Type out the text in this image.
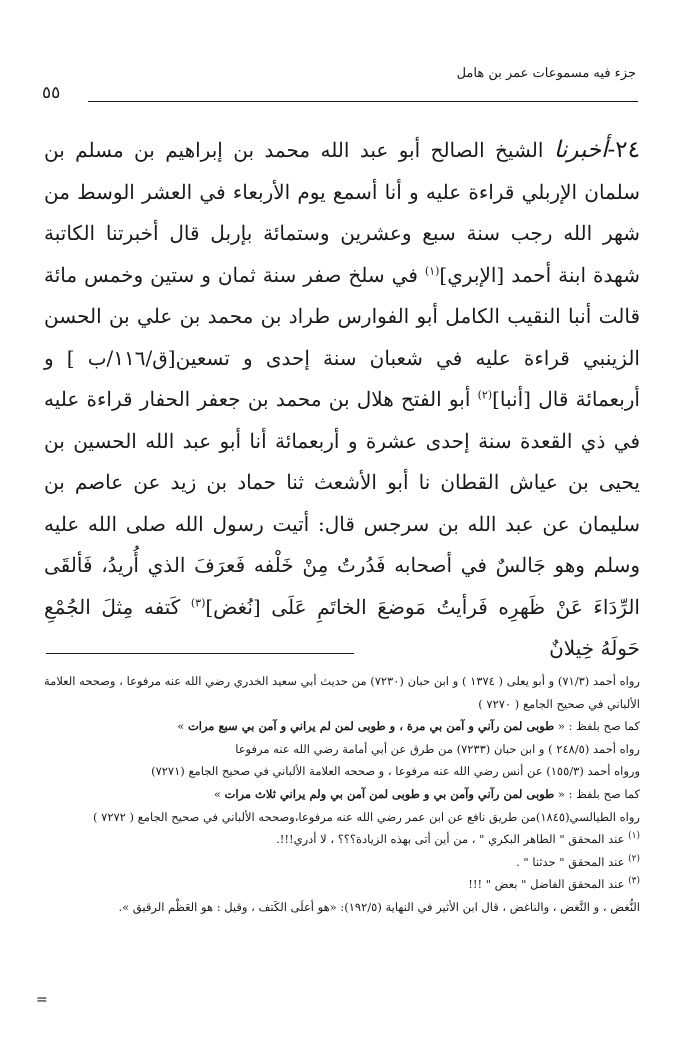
جزء فيه مسموعات عمر بن هامل
٥٥
٢٤-أخبرنا الشيخ الصالح أبو عبد الله محمد بن إبراهيم بن مسلم بن سلمان الإربلي قراءة عليه و أنا أسمع يوم الأربعاء في العشر الوسط من شهر الله رجب سنة سبع وعشرين وستمائة بإربل قال أخبرتنا الكاتبة شهدة ابنة أحمد [الإبري]$^{(١)}$ في سلخ صفر سنة ثمان و ستين وخمس مائة قالت أنبا النقيب الكامل أبو الفوارس طراد بن محمد بن علي بن الحسن الزينبي قراءة عليه في شعبان سنة إحدى و تسعين[ق/١١٦/ب ] و أربعمائة قال [أنبا]$^{(٢)}$ أبو الفتح هلال بن محمد بن جعفر الحفار قراءة عليه في ذي القعدة سنة إحدى عشرة و أربعمائة أنا أبو عبد الله الحسين بن يحيى بن عياش القطان نا أبو الأشعث ثنا حماد بن زيد عن عاصم بن سليمان عن عبد الله بن سرجس قال: أتيت رسول الله صلى الله عليه وسلم وهو جَالسٌ في أصحابه فَدُرتُ مِنْ خَلْفه فَعرَفَ الذي أُريدُ، فَألقَى الرِّدَاءَ عَنْ ظَهرِه فَرأيتُ مَوضعَ الخاتَمِ عَلَى [نُغض]$^{(٣)}$ كَتفه مِثلَ الجُمْعِ حَولَهُ خِيلانٌ

رواه أحمد (٧١/٣) و أبو يعلى ( ١٣٧٤ ) و ابن حبان (٧٢٣٠) من حديث أبي سعيد الخدري رضي الله عنه مرفوعا ، وصححه العلامة الألباني في صحيح الجامع ( ٧٢٧٠ )

كما صح بلفظ : « طوبى لمن رآني و آمن بي مرة ، و طوبى لمن لم يراني و آمن بي سبع مرات »

رواه أحمد (٢٤٨/٥ ) و ابن حبان (٧٢٣٣) من طرق عن أبي أمامة رضي الله عنه مرفوعا

ورواه أحمد (١٥٥/٣) عن أنس رضي الله عنه مرفوعا ، و صححه العلامة الألباني في صحيح الجامع (٧٢٧١)

كما صح بلفظ : « طوبى لمن رآني وآمن بي و طوبى لمن آمن بي ولم يراني ثلاث مرات »

رواه الطيالسي(١٨٤٥)من طريق نافع عن ابن عمر رضي الله عنه مرفوعا،وصححه الألباني في صحيح الجامع ( ٧٢٧٢ )

$^{(١)}$ عند المحقق " الطاهر البكري " ، من أين أتى بهذه الزيادة؟؟؟ ، لا أدري!!!.

$^{(٢)}$ عند المحقق " حدثنا " .

$^{(٣)}$ عند المحقق الفاضل " بعض " !!!

النُّغض ، و النَّغض ، والناغض ، قال ابن الأثير في النهاية (١٩٢/٥): «هو أعلَى الكَتف ، وقيل : هو العَظْم الرقيق ».

=
